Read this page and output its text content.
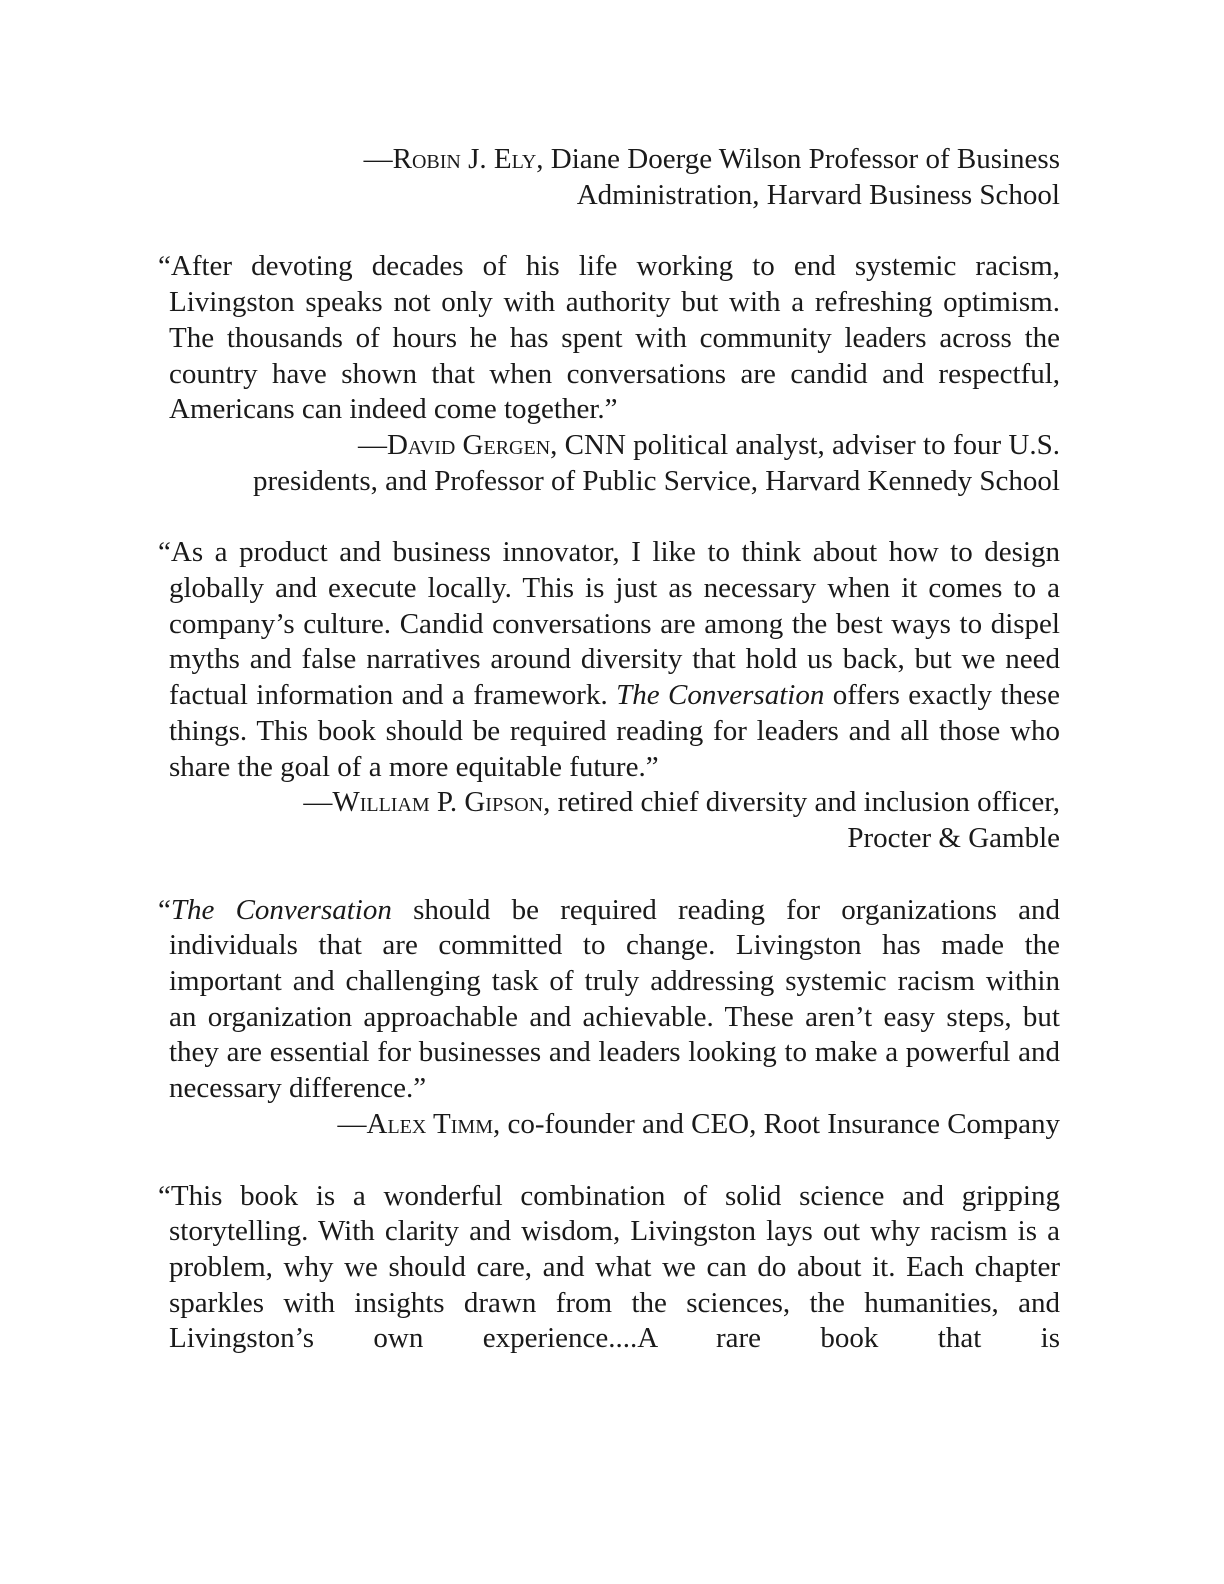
—Robin J. Ely, Diane Doerge Wilson Professor of Business
Administration, Harvard Business School

“After devoting decades of his life working to end systemic racism, Livingston speaks not only with authority but with a refreshing optimism. The thousands of hours he has spent with community leaders across the country have shown that when conversations are candid and respectful, Americans can indeed come together.”

—David Gergen, CNN political analyst, adviser to four U.S.
presidents, and Professor of Public Service, Harvard Kennedy School

“As a product and business innovator, I like to think about how to design globally and execute locally. This is just as necessary when it comes to a company’s culture. Candid conversations are among the best ways to dispel myths and false narratives around diversity that hold us back, but we need factual information and a framework. The Conversation offers exactly these things. This book should be required reading for leaders and all those who share the goal of a more equitable future.”

—William P. Gipson, retired chief diversity and inclusion officer,
Procter & Gamble

“The Conversation should be required reading for organizations and individuals that are committed to change. Livingston has made the important and challenging task of truly addressing systemic racism within an organization approachable and achievable. These aren’t easy steps, but they are essential for businesses and leaders looking to make a powerful and necessary difference.”

—Alex Timm, co-founder and CEO, Root Insurance Company

“This book is a wonderful combination of solid science and gripping storytelling. With clarity and wisdom, Livingston lays out why racism is a problem, why we should care, and what we can do about it. Each chapter sparkles with insights drawn from the sciences, the humanities, and Livingston’s own experience....A rare book that is
